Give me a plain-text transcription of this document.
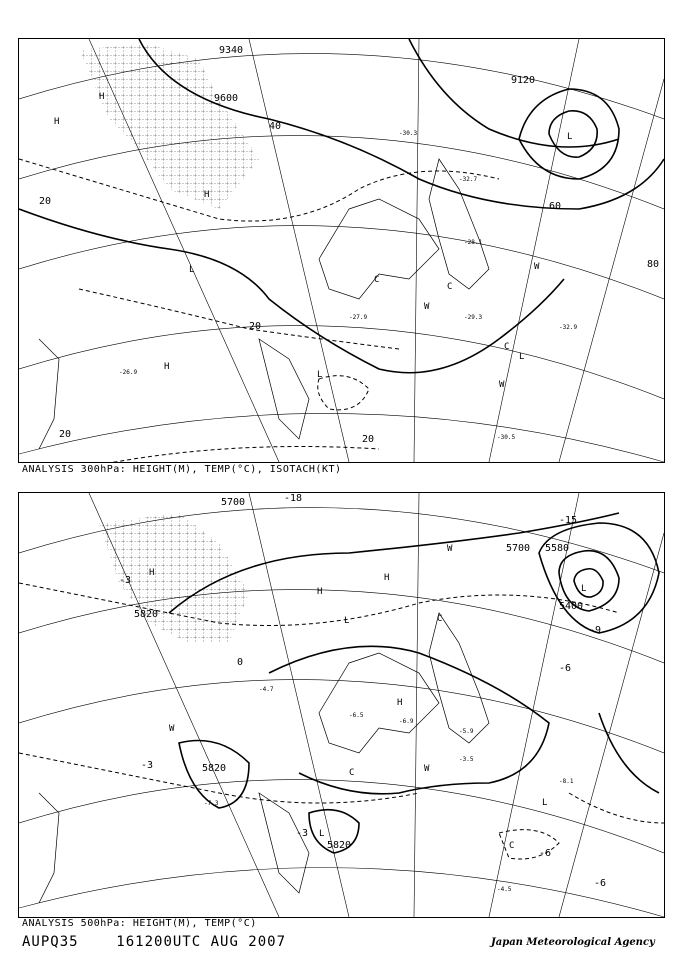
9340
9600
9120
20
40
60
80
20
20	20
H
H
H
H
L
L
L
L
W
W
W
C
C
C
-30.3
-32.7
-29.3
-28.1
-30.5
-27.9
-32.9
-26.9
ANALYSIS 300hPa: HEIGHT(M), TEMP(°C), ISOTACH(KT)
5700
5700 5580
5820
5400
5820
5820
-18
-15
-3
-6
-9
0
-3
-6
-6
-3
H
H
H
H
L
L
L
L
W
W
W
C
C
C
-4.7
-6.5
-5.9
-3.5
-8.1
-4.5
-7.3
-6.9
ANALYSIS 500hPa: HEIGHT(M), TEMP(°C)
AUPQ35	161200UTC AUG 2007	Japan Meteorological Agency
